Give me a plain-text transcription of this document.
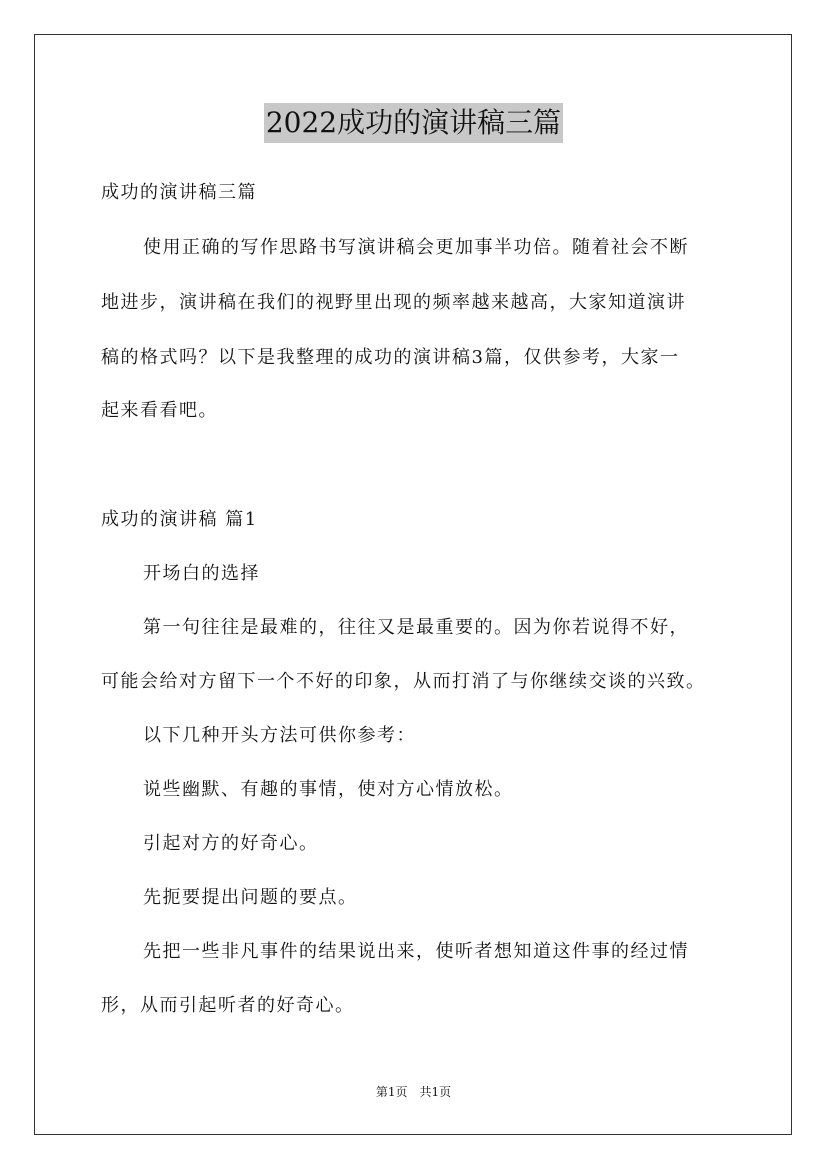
2022成功的演讲稿三篇
成功的演讲稿三篇
使用正确的写作思路书写演讲稿会更加事半功倍。随着社会不断
地进步，演讲稿在我们的视野里出现的频率越来越高，大家知道演讲
稿的格式吗？以下是我整理的成功的演讲稿3篇，仅供参考，大家一
起来看看吧。
成功的演讲稿 篇1
开场白的选择
第一句往往是最难的，往往又是最重要的。因为你若说得不好，
可能会给对方留下一个不好的印象，从而打消了与你继续交谈的兴致。
以下几种开头方法可供你参考：
说些幽默、有趣的事情，使对方心情放松。
引起对方的好奇心。
先扼要提出问题的要点。
先把一些非凡事件的结果说出来，使听者想知道这件事的经过情
形，从而引起听者的好奇心。
第1页　共1页
